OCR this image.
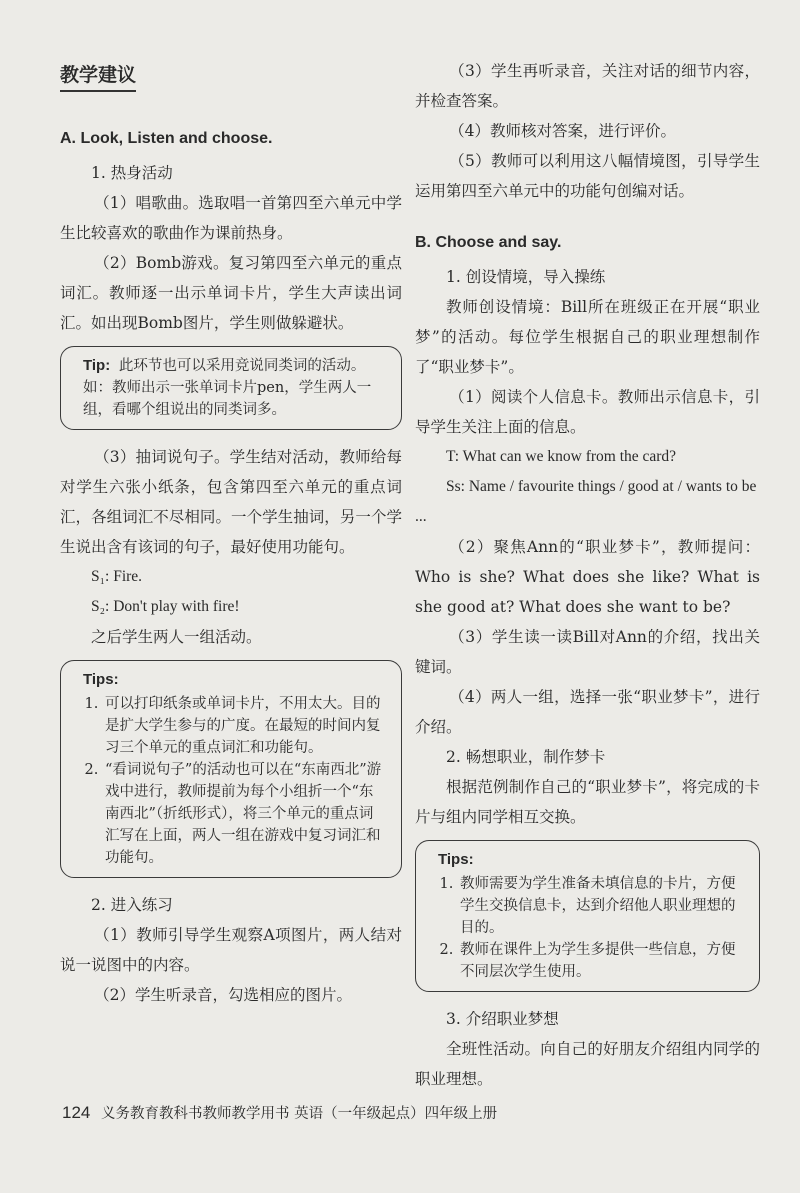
教学建议
A. Look, Listen and choose.

1. 热身活动

（1）唱歌曲。选取唱一首第四至六单元中学生比较喜欢的歌曲作为课前热身。

（2）Bomb游戏。复习第四至六单元的重点词汇。教师逐一出示单词卡片，学生大声读出词汇。如出现Bomb图片，学生则做躲避状。

Tip: 此环节也可以采用竞说同类词的活动。如：教师出示一张单词卡片pen，学生两人一组，看哪个组说出的同类词多。

（3）抽词说句子。学生结对活动，教师给每对学生六张小纸条，包含第四至六单元的重点词汇，各组词汇不尽相同。一个学生抽词，另一个学生说出含有该词的句子，最好使用功能句。

S₁: Fire.

S₂: Don't play with fire!

之后学生两人一组活动。

Tips:
1. 可以打印纸条或单词卡片，不用太大。目的是扩大学生参与的广度。在最短的时间内复习三个单元的重点词汇和功能句。
2. “看词说句子”的活动也可以在“东南西北”游戏中进行，教师提前为每个小组折一个“东南西北”（折纸形式），将三个单元的重点词汇写在上面，两人一组在游戏中复习词汇和功能句。

2. 进入练习

（1）教师引导学生观察A项图片，两人结对说一说图中的内容。

（2）学生听录音，勾选相应的图片。

（3）学生再听录音，关注对话的细节内容，并检查答案。

（4）教师核对答案，进行评价。

（5）教师可以利用这八幅情境图，引导学生运用第四至六单元中的功能句创编对话。

B. Choose and say.

1. 创设情境，导入操练

教师创设情境：Bill所在班级正在开展“职业梦”的活动。每位学生根据自己的职业理想制作了“职业梦卡”。

（1）阅读个人信息卡。教师出示信息卡，引导学生关注上面的信息。

T: What can we know from the card?

Ss: Name / favourite things / good at / wants to be ...

（2）聚焦Ann的“职业梦卡”，教师提问：Who is she? What does she like? What is she good at? What does she want to be?

（3）学生读一读Bill对Ann的介绍，找出关键词。

（4）两人一组，选择一张“职业梦卡”，进行介绍。

2. 畅想职业，制作梦卡

根据范例制作自己的“职业梦卡”，将完成的卡片与组内同学相互交换。

Tips:
1. 教师需要为学生准备未填信息的卡片，方便学生交换信息卡，达到介绍他人职业理想的目的。
2. 教师在课件上为学生多提供一些信息，方便不同层次学生使用。

3. 介绍职业梦想

全班性活动。向自己的好朋友介绍组内同学的职业理想。

124 义务教育教科书教师教学用书 英语（一年级起点）四年级上册
